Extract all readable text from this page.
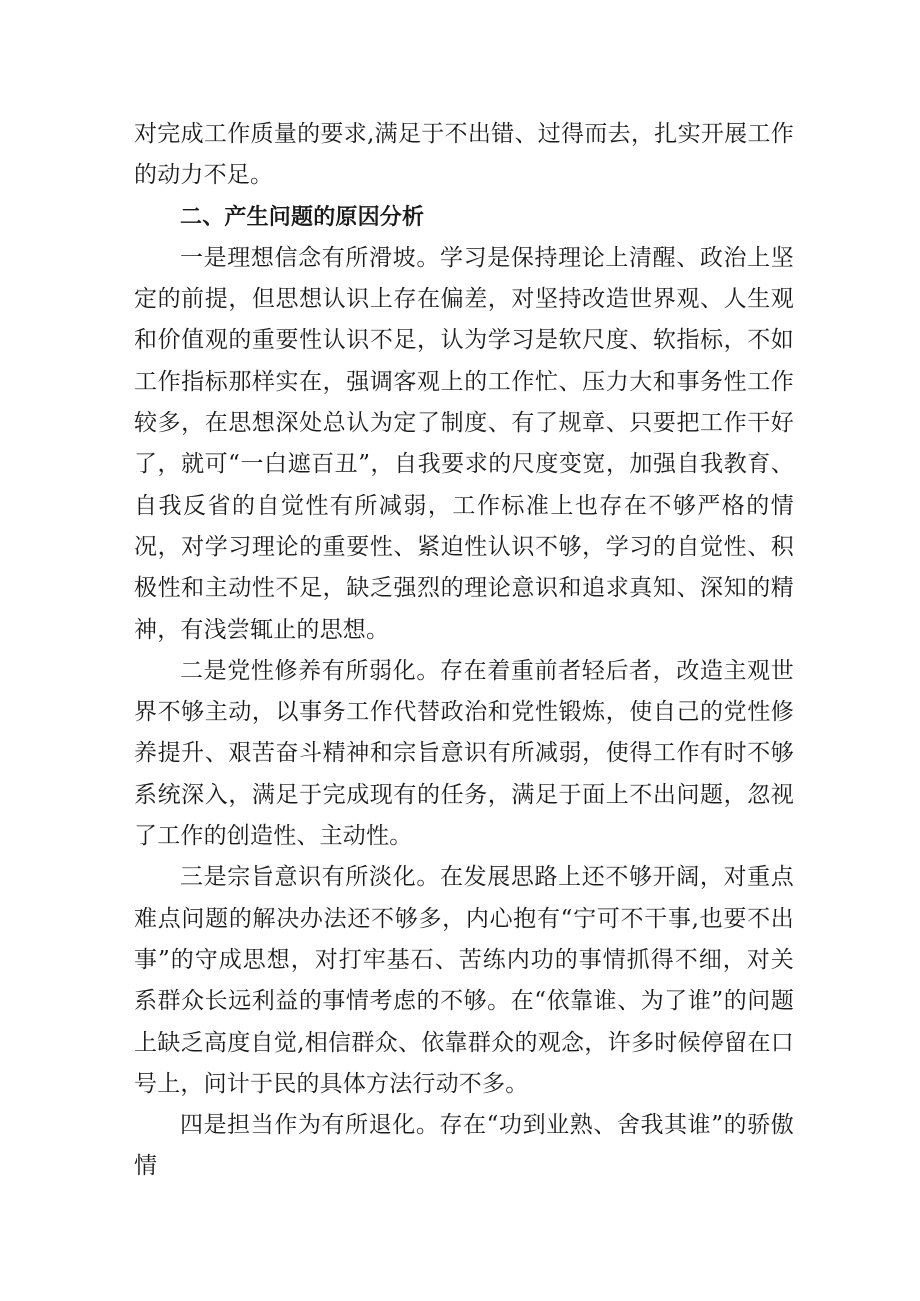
对完成工作质量的要求,满足于不出错、过得而去，扎实开展工作的动力不足。

二、产生问题的原因分析

一是理想信念有所滑坡。学习是保持理论上清醒、政治上坚定的前提，但思想认识上存在偏差，对坚持改造世界观、人生观和价值观的重要性认识不足，认为学习是软尺度、软指标，不如工作指标那样实在，强调客观上的工作忙、压力大和事务性工作较多，在思想深处总认为定了制度、有了规章、只要把工作干好了，就可“一白遮百丑”，自我要求的尺度变宽，加强自我教育、自我反省的自觉性有所减弱，工作标准上也存在不够严格的情况，对学习理论的重要性、紧迫性认识不够，学习的自觉性、积极性和主动性不足，缺乏强烈的理论意识和追求真知、深知的精神，有浅尝辄止的思想。

二是党性修养有所弱化。存在着重前者轻后者，改造主观世界不够主动，以事务工作代替政治和党性锻炼，使自己的党性修养提升、艰苦奋斗精神和宗旨意识有所减弱，使得工作有时不够系统深入，满足于完成现有的任务，满足于面上不出问题，忽视了工作的创造性、主动性。

三是宗旨意识有所淡化。在发展思路上还不够开阔，对重点难点问题的解决办法还不够多，内心抱有“宁可不干事,也要不出事”的守成思想，对打牢基石、苦练内功的事情抓得不细，对关系群众长远利益的事情考虑的不够。在“依靠谁、为了谁”的问题上缺乏高度自觉,相信群众、依靠群众的观念，许多时候停留在口号上，问计于民的具体方法行动不多。

四是担当作为有所退化。存在“功到业熟、舍我其谁”的骄傲情
